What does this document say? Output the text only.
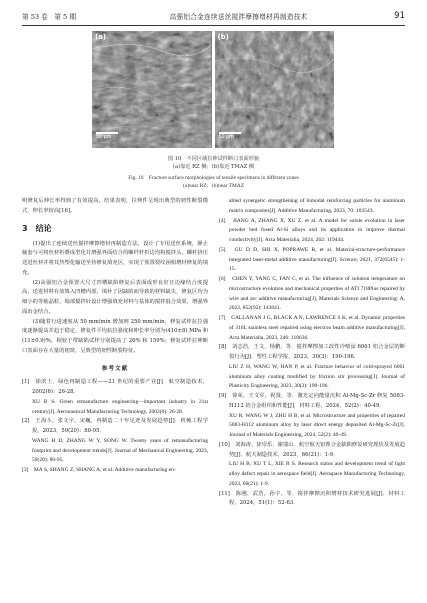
第 53 卷　第 5 期	高强铝合金连续送丝搅拌摩擦增材再制造技术	91
(a)
50 μm
(b)
50 μm
图 10　不同区域拉伸试样断口表面形貌
(a)靠近 RZ 侧；(b)靠近 TMAZ 侧
Fig. 10　Fracture surface morphologies of tensile specimens in different zones
(a)near RZ；(b)near TMAZ

明修复后伸长率得到了有效提高。结果表明，拉伸件呈现出典型的韧性断裂模式，伸长率较高[16]。

3　结论

(1)提出了连续送丝搅拌摩擦增材再制造方法，设计了专用送丝系统，静止轴套与可将丝材折叠成型化并增强界面结合的螺纤杆折边均构搅拌头，螺杆挤压送进丝材并将其热塑化输送至待修复填充区，实现了预置裂纹困相增材修复的填充。

(2)高强铝合金预置大尺寸凹槽缺陷修复后表面成形良好且边缘结合度提高，送进材料有效填入凹槽内部，填补了因缺陷而导致的材料缺失，修复区均为细小的等轴晶粒，塌部搅拌针设计增强填充材料与基体的搅拌混合效果，增强界面冶金结合。

(3)随着行进速度从 50 mm/min 增加到 250 mm/min，修复试样抗拉强度逐渐提高并趋于稳定，修复件平均抗拉强度和伸长率分别为(410±8) MPa 和(11±0.9)%，相较于带缺陷试样分别提高了 26% 和 159%；修复试样拉伸断口表面存在大量的韧窝，呈典型的韧性断裂特征。

参考文献

[1]　徐滨士．绿色再制造工程——21 世纪的重要产业[J]．航空制造技术，2002(6)：26-28．

XU B S. Green remanufacture engineering—important industry in 21st century[J]. Aeronautical Manufacturing Technology, 2002(6): 26-28.

[2]　王海斗，张文宇，宋巍，再制造二十年足迹及发展趋势[J]．机械工程学报，2023，59(20)：80-95．

WANG H D, ZHANG W Y, SONG W. Twenty years of remanufacturing footprint and development trends[J]. Journal of Mechanical Engineering, 2023, 59(20): 80-95.

[3]　MA S, SHANG Z, SHANG A, et al. Additive manufacturing en-

abled synergetic strengthening of bimodal reinforcing particles for aluminum matrix composites[J]. Additive Manufacturing, 2023, 70: 103543.

[4]　JIANG A, ZHANG X, XU Z, et al. A model for solute evolution in laser powder bed fused Al-Si alloys and its application to improve thermal conductivity[J]. Acta Materialia, 2024, 262: 119444.

[5]　GU D D, SHI X, POPRAWE R, et al. Material-structure-performance integrated laser-metal additive manufacturing[J]. Science, 2021, 372(6545): 1-15.

[6]　CHEN Y, YANG C, FAN C, et al. The influence of solution temperature on microstructure evolution and mechanical properties of ATI 718Plus repaired by wire and arc additive manufacturing[J]. Materials Science and Engineering: A, 2022, 852(92): 143641.

[7]　CALLANAN J G, BLACK A N, LAWRENCE S K, et al. Dynamic properties of 316L stainless steel repaired using electron beam additive manufacturing[J]. Acta Materialia, 2023, 246: 118636.

[8]　刘志浩，王文，杨鹏，等．搅拌摩擦加工改性冷喷涂 6061 铝合金层的断裂行为[J]．塑性工程学报，2023，30(3)：190-196．

LIU Z H, WANG W, HAN P, et al. Fracture behavior of cold-sprayed 6061 aluminum alloy coating modified by friction stir processing[J]. Journal of Plasticity Engineering, 2023, 30(3): 190-196.

[9]　徐荣，王文军，祝贤，等．激光定向能量沉积 Al-Mg-Sc-Zr 修复 5083-H112 铝合金组织和性能[J]．材料工程，2024，52(2)：40-49．

XU R, WANG W J, ZHU H B, et al. Microstructure and properties of repaired 5083-H112 aluminum alloy by laser direct energy deposited Al-Mg-Sc-Zr[J]. Journal of Materials Engineering, 2024, 52(2): 40-49.

[10]　刘海涛，徐崇乐，谢瑞山．航空航天铝锂合金缺陷修复研究现状及发展趋势[J]．航天制造技术，2023，66(21)：1-9．

LIU H B, XU T L, XIE R S. Research status and development trend of light alloy defect repair in aerospace field[J]. Aerospace Manufacturing Technology, 2023, 66(21): 1-9.

[11]　陈刚，武浩，孙宇，等．搅拌摩擦沉积增材技术研究进展[J]．材料工程，2024，51(1)：52-63．
